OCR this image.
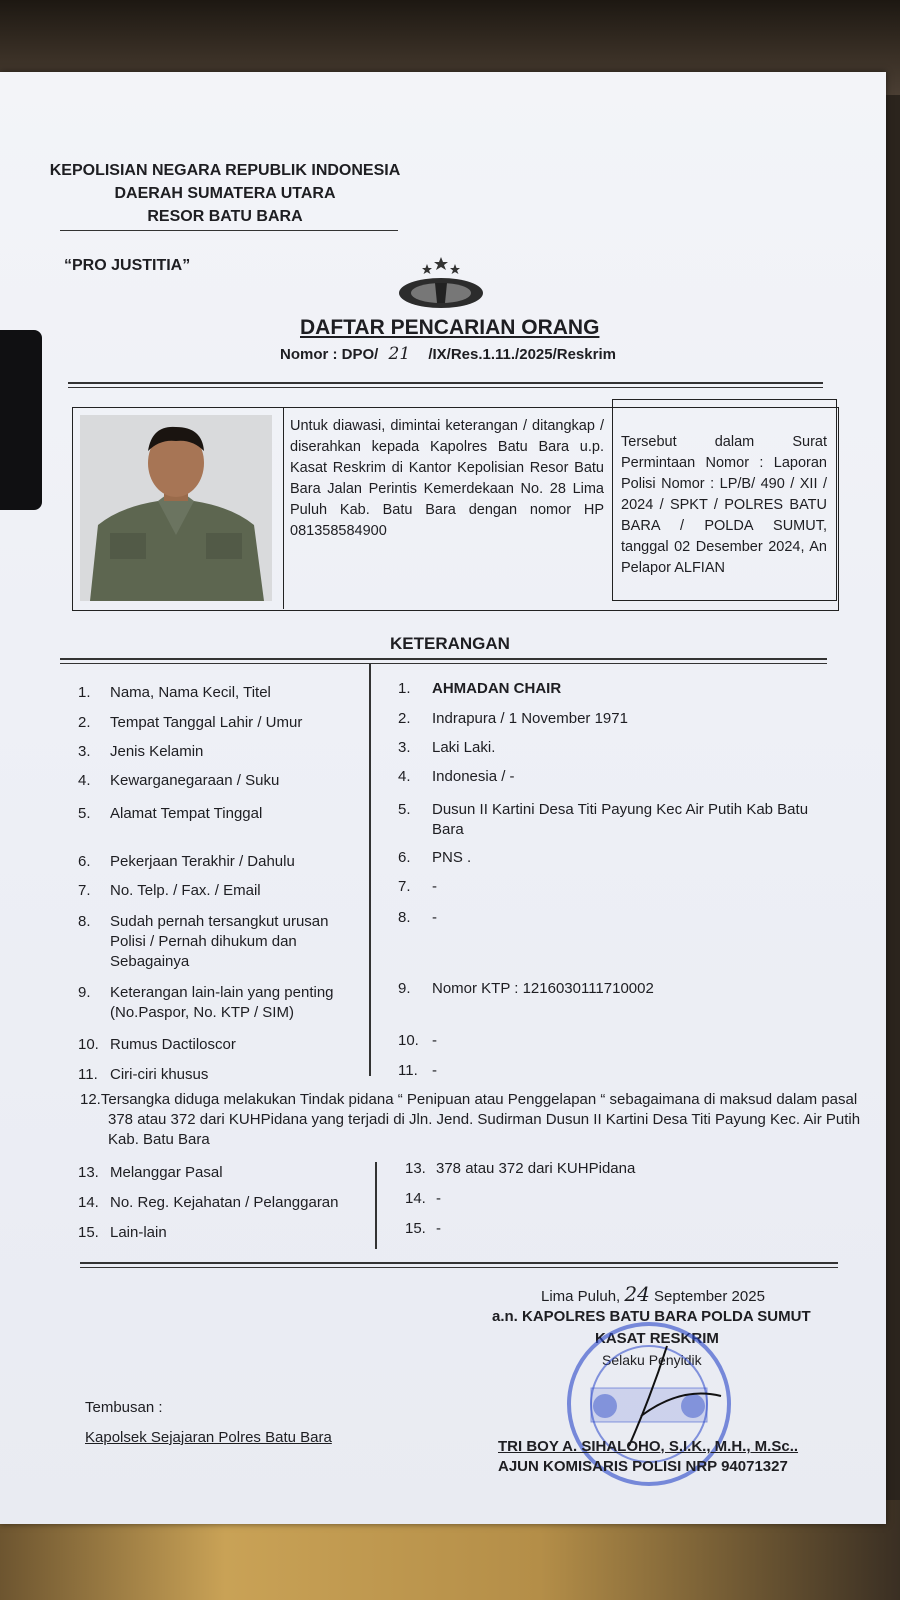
KEPOLISIAN NEGARA REPUBLIK INDONESIA
DAERAH SUMATERA UTARA
RESOR BATU BARA
“PRO JUSTITIA”
DAFTAR PENCARIAN ORANG
Nomor : DPO/ 21 /IX/Res.1.11./2025/Reskrim
Untuk diawasi, dimintai keterangan / ditangkap / diserahkan kepada Kapolres Batu Bara u.p. Kasat Reskrim di Kantor Kepolisian Resor Batu Bara Jalan Perintis Kemerdekaan No. 28 Lima Puluh Kab. Batu Bara dengan nomor HP 081358584900
Tersebut dalam Surat Permintaan Nomor : Laporan Polisi Nomor : LP/B/ 490 / XII / 2024 / SPKT / POLRES BATU BARA / POLDA SUMUT, tanggal 02 Desember 2024, An Pelapor ALFIAN
KETERANGAN
1. Nama, Nama Kecil, Titel	1. AHMADAN CHAIR
2. Tempat Tanggal Lahir / Umur	2. Indrapura / 1 November 1971
3. Jenis Kelamin	3. Laki Laki.
4. Kewarganegaraan / Suku	4. Indonesia / -
5. Alamat Tempat Tinggal	5. Dusun II Kartini Desa Titi Payung Kec Air Putih Kab Batu Bara
6. Pekerjaan Terakhir / Dahulu	6. PNS .
7. No. Telp. / Fax. / Email	7. -
8. Sudah pernah tersangkut urusan Polisi / Pernah dihukum dan Sebagainya
8. -
9. Keterangan lain-lain yang penting (No.Paspor, No. KTP / SIM)
9. Nomor KTP : 1216030111710002
10. Rumus Dactiloscor	10. -
11. Ciri-ciri khusus	11. -
12.Tersangka diduga melakukan Tindak pidana “ Penipuan atau Penggelapan “ sebagaimana di maksud dalam pasal 378 atau 372 dari KUHPidana yang terjadi di Jln. Jend. Sudirman Dusun II Kartini Desa Titi Payung Kec. Air Putih Kab. Batu Bara
13. Melanggar Pasal	13. 378 atau 372 dari KUHPidana
14. No. Reg. Kejahatan / Pelanggaran	14. -
15. Lain-lain	15. -
Lima Puluh, 24 September 2025
a.n. KAPOLRES BATU BARA POLDA SUMUT
KASAT RESKRIM
Selaku Penyidik
TRI BOY A. SIHALOHO, S.I.K., M.H., M.Sc..
AJUN KOMISARIS POLISI NRP 94071327
Tembusan :
Kapolsek Sejajaran Polres Batu Bara
